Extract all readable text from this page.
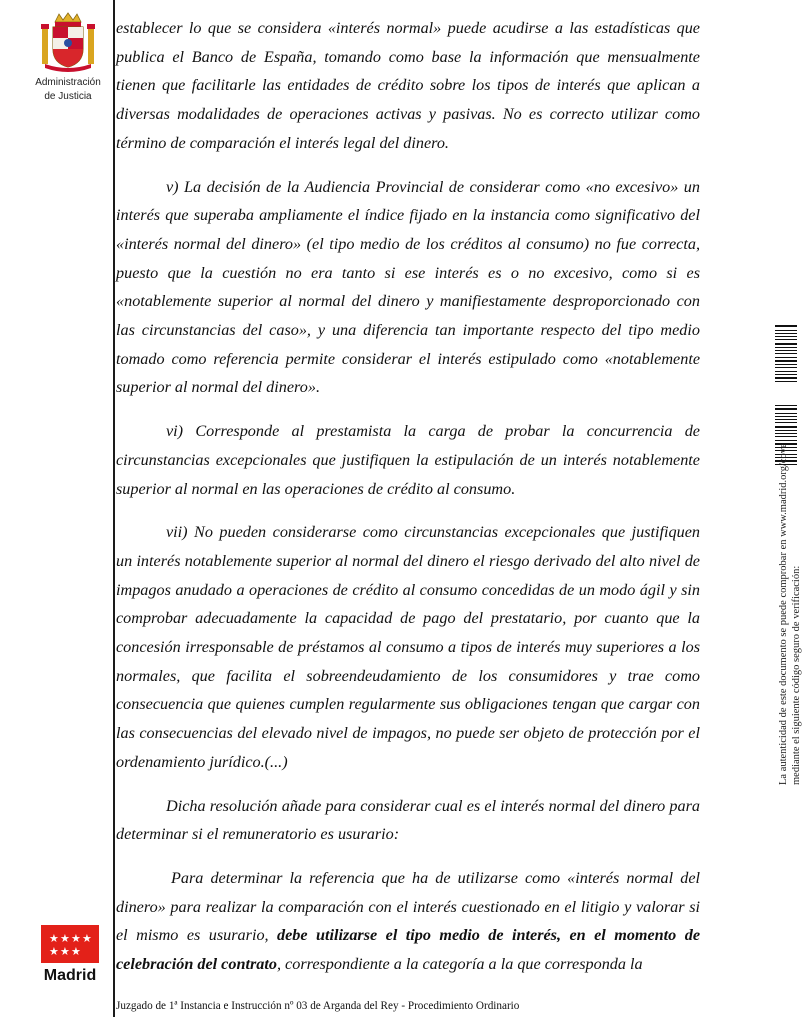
Administración
de Justicia

establecer lo que se considera «interés normal» puede acudirse a las estadísticas que publica el Banco de España, tomando como base la información que mensualmente tienen que facilitarle las entidades de crédito sobre los tipos de interés que aplican a diversas modalidades de operaciones activas y pasivas. No es correcto utilizar como término de comparación el interés legal del dinero.

v) La decisión de la Audiencia Provincial de considerar como «no excesivo» un interés que superaba ampliamente el índice fijado en la instancia como significativo del «interés normal del dinero» (el tipo medio de los créditos al consumo) no fue correcta, puesto que la cuestión no era tanto si ese interés es o no excesivo, como si es «notablemente superior al normal del dinero y manifiestamente desproporcionado con las circunstancias del caso», y una diferencia tan importante respecto del tipo medio tomado como referencia permite considerar el interés estipulado como «notablemente superior al normal del dinero».

vi) Corresponde al prestamista la carga de probar la concurrencia de circunstancias excepcionales que justifiquen la estipulación de un interés notablemente superior al normal en las operaciones de crédito al consumo.

vii) No pueden considerarse como circunstancias excepcionales que justifiquen un interés notablemente superior al normal del dinero el riesgo derivado del alto nivel de impagos anudado a operaciones de crédito al consumo concedidas de un modo ágil y sin comprobar adecuadamente la capacidad de pago del prestatario, por cuanto que la concesión irresponsable de préstamos al consumo a tipos de interés muy superiores a los normales, que facilita el sobreendeudamiento de los consumidores y trae como consecuencia que quienes cumplen regularmente sus obligaciones tengan que cargar con las consecuencias del elevado nivel de impagos, no puede ser objeto de protección por el ordenamiento jurídico.(...)

Dicha resolución añade para considerar cual es el interés normal del dinero para determinar si el remuneratorio es usurario:

Para determinar la referencia que ha de utilizarse como «interés normal del dinero» para realizar la comparación con el interés cuestionado en el litigio y valorar si el mismo es usurario, debe utilizarse el tipo medio de interés, en el momento de celebración del contrato, correspondiente a la categoría a la que corresponda la

★ ★ ★ ★
★ ★ ★
Madrid
Juzgado de 1ª Instancia e Instrucción nº 03 de Arganda del Rey - Procedimiento Ordinario
La autenticidad de este documento se puede comprobar en www.madrid.org/cove mediante el siguiente código seguro de verificación:
